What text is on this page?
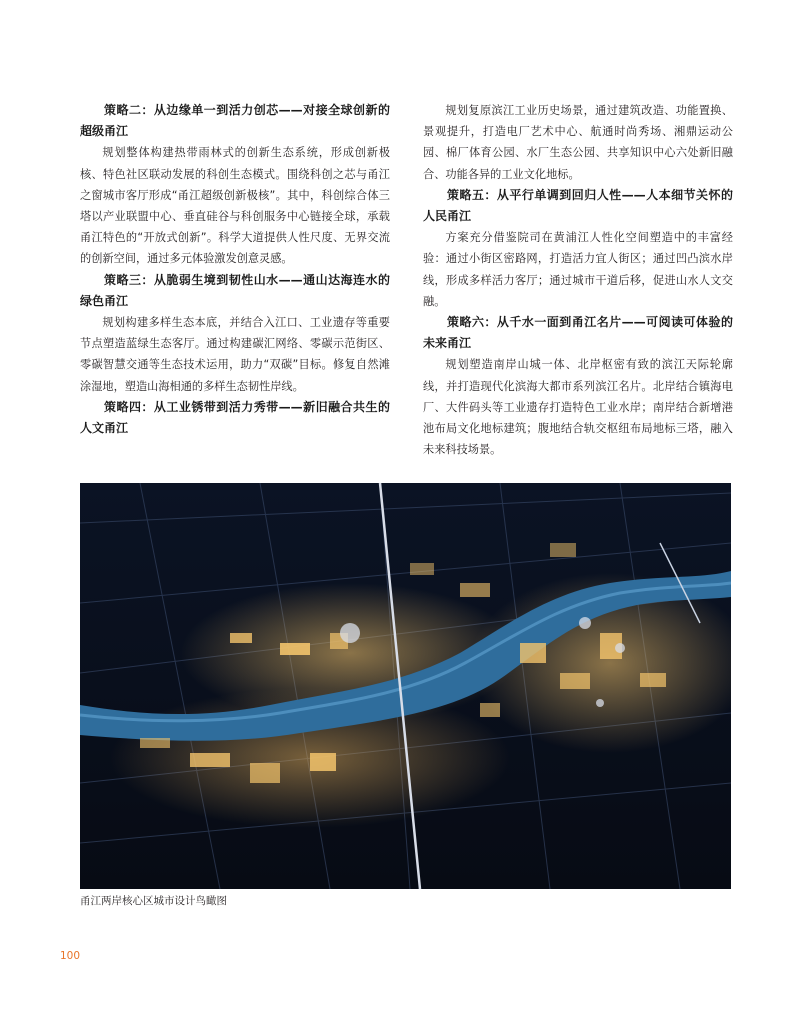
策略二：从边缘单一到活力创芯——对接全球创新的超级甬江

规划整体构建热带雨林式的创新生态系统，形成创新极核、特色社区联动发展的科创生态模式。围绕科创之芯与甬江之窗城市客厅形成“甬江超级创新极核”。其中，科创综合体三塔以产业联盟中心、垂直硅谷与科创服务中心链接全球，承载甬江特色的“开放式创新”。科学大道提供人性尺度、无界交流的创新空间，通过多元体验激发创意灵感。

策略三：从脆弱生境到韧性山水——通山达海连水的绿色甬江

规划构建多样生态本底，并结合入江口、工业遗存等重要节点塑造蓝绿生态客厅。通过构建碳汇网络、零碳示范街区、零碳智慧交通等生态技术运用，助力“双碳”目标。修复自然滩涂湿地，塑造山海相通的多样生态韧性岸线。

策略四：从工业锈带到活力秀带——新旧融合共生的人文甬江

规划复原滨江工业历史场景，通过建筑改造、功能置换、景观提升，打造电厂艺术中心、航通时尚秀场、湘鼎运动公园、棉厂体育公园、水厂生态公园、共享知识中心六处新旧融合、功能各异的工业文化地标。

策略五：从平行单调到回归人性——人本细节关怀的人民甬江

方案充分借鉴院司在黄浦江人性化空间塑造中的丰富经验：通过小街区密路网，打造活力宜人街区；通过凹凸滨水岸线，形成多样活力客厅；通过城市干道后移，促进山水人文交融。

策略六：从千水一面到甬江名片——可阅读可体验的未来甬江

规划塑造南岸山城一体、北岸枢密有致的滨江天际轮廓线，并打造现代化滨海大都市系列滨江名片。北岸结合镇海电厂、大件码头等工业遗存打造特色工业水岸；南岸结合新增港池布局文化地标建筑；腹地结合轨交枢纽布局地标三塔，融入未来科技场景。

甬江两岸核心区城市设计鸟瞰图
100
